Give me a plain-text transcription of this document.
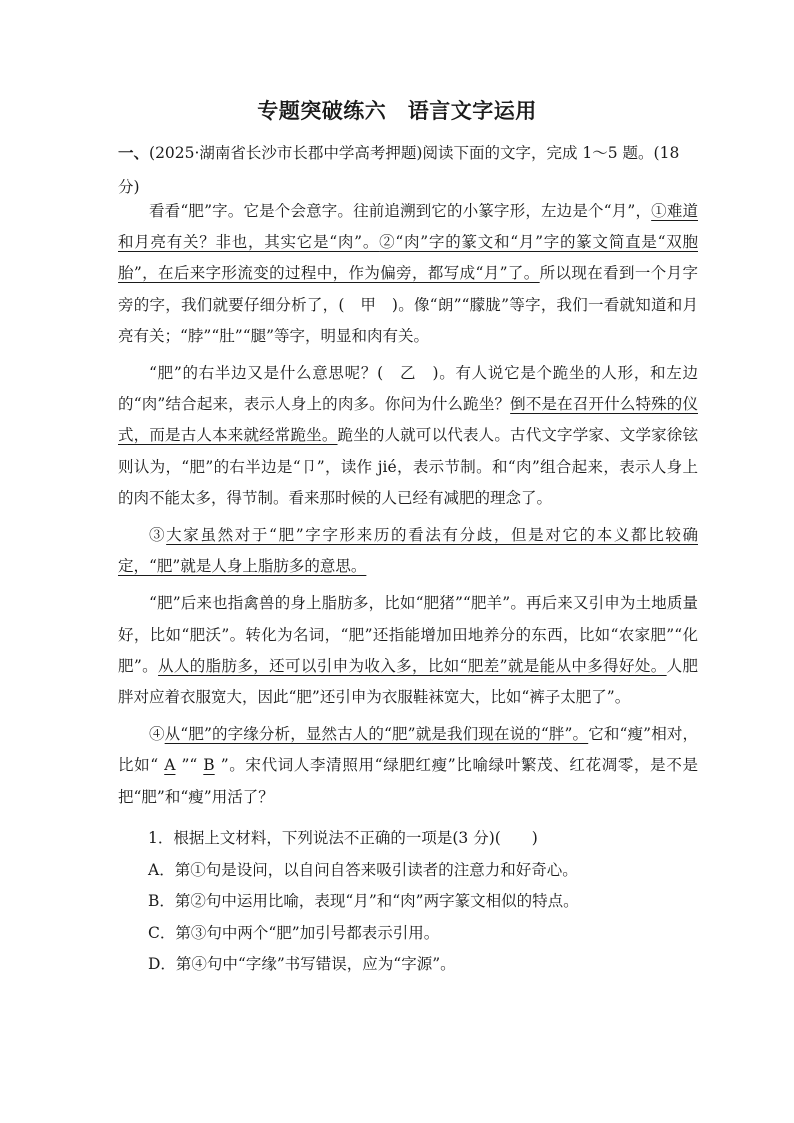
专题突破练六　语言文字运用
一、(2025·湖南省长沙市长郡中学高考押题)阅读下面的文字，完成 1～5 题。(18 分)

看看“肥”字。它是个会意字。往前追溯到它的小篆字形，左边是个“月”，①难道和月亮有关？非也，其实它是“肉”。②“肉”字的篆文和“月”字的篆文简直是“双胞胎”，在后来字形流变的过程中，作为偏旁，都写成“月”了。所以现在看到一个月字旁的字，我们就要仔细分析了，(　甲　)。像“朗”“朦胧”等字，我们一看就知道和月亮有关；“脖”“肚”“腿”等字，明显和肉有关。

“肥”的右半边又是什么意思呢？(　乙　)。有人说它是个跪坐的人形，和左边的“肉”结合起来，表示人身上的肉多。你问为什么跪坐？倒不是在召开什么特殊的仪式，而是古人本来就经常跪坐。跪坐的人就可以代表人。古代文字学家、文学家徐铉则认为，“肥”的右半边是“卩”，读作 jié，表示节制。和“肉”组合起来，表示人身上的肉不能太多，得节制。看来那时候的人已经有减肥的理念了。

③大家虽然对于“肥”字字形来历的看法有分歧，但是对它的本义都比较确定，“肥”就是人身上脂肪多的意思。

“肥”后来也指禽兽的身上脂肪多，比如“肥猪”“肥羊”。再后来又引申为土地质量好，比如“肥沃”。转化为名词，“肥”还指能增加田地养分的东西，比如“农家肥”“化肥”。从人的脂肪多，还可以引申为收入多，比如“肥差”就是能从中多得好处。人肥胖对应着衣服宽大，因此“肥”还引申为衣服鞋袜宽大，比如“裤子太肥了”。

④从“肥”的字缘分析，显然古人的“肥”就是我们现在说的“胖”。它和“瘦”相对，比如“ A ”“ B ”。宋代词人李清照用“绿肥红瘦”比喻绿叶繁茂、红花凋零，是不是把“肥”和“瘦”用活了？

1．根据上文材料，下列说法不正确的一项是(3 分)(　　)
A．第①句是设问，以自问自答来吸引读者的注意力和好奇心。
B．第②句中运用比喻，表现“月”和“肉”两字篆文相似的特点。
C．第③句中两个“肥”加引号都表示引用。
D．第④句中“字缘”书写错误，应为“字源”。
